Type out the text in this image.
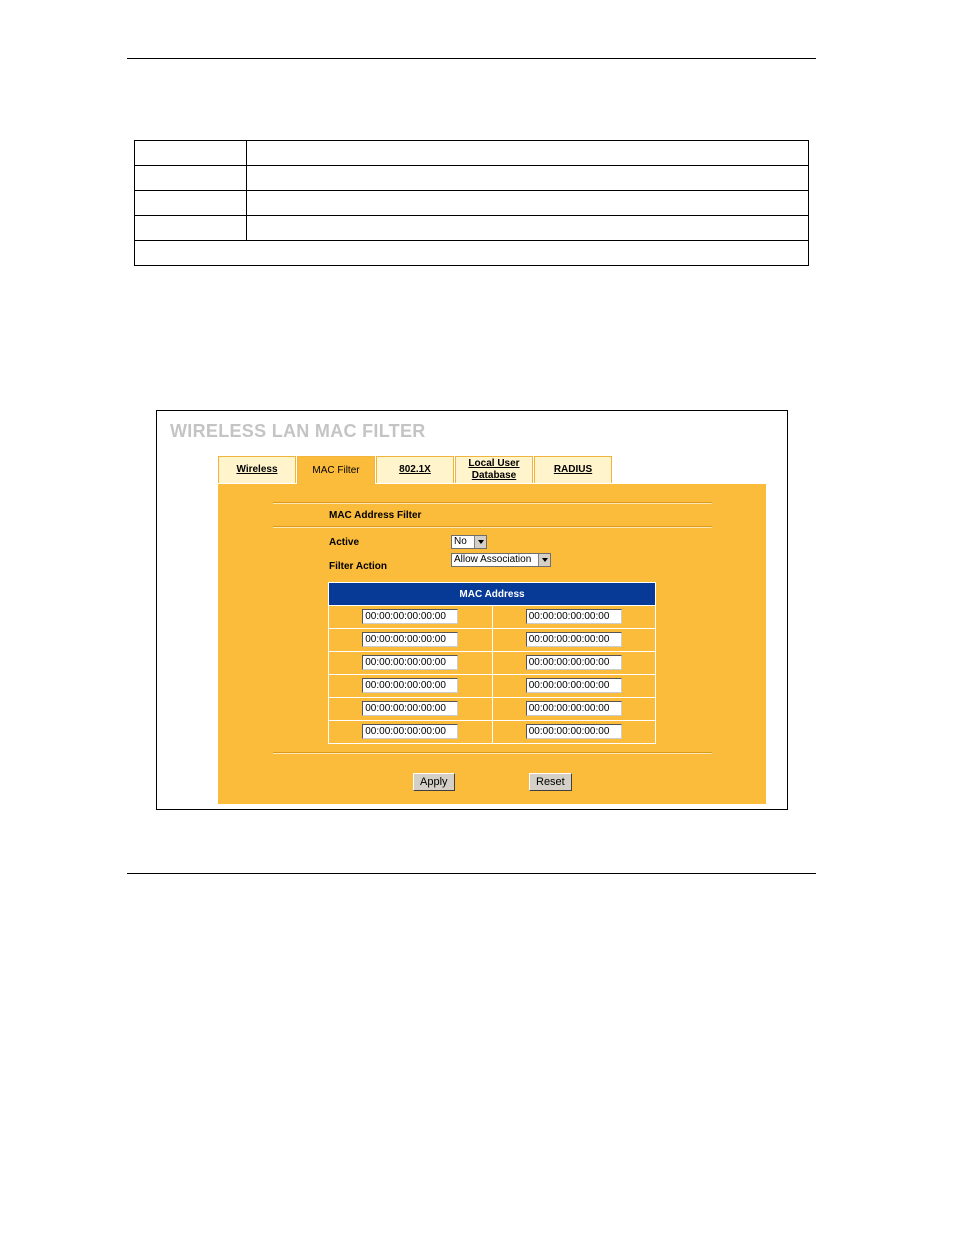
WIRELESS LAN MAC FILTER
Wireless	MAC Filter	802.1X
Local User Database
RADIUS
MAC Address Filter
Active	No
Filter Action
Allow Association
MAC Address	
00:00:00:00:00:00	00:00:00:00:00:00
00:00:00:00:00:00	00:00:00:00:00:00
00:00:00:00:00:00	00:00:00:00:00:00
00:00:00:00:00:00	00:00:00:00:00:00
00:00:00:00:00:00	00:00:00:00:00:00
00:00:00:00:00:00	00:00:00:00:00:00
Apply	Reset
